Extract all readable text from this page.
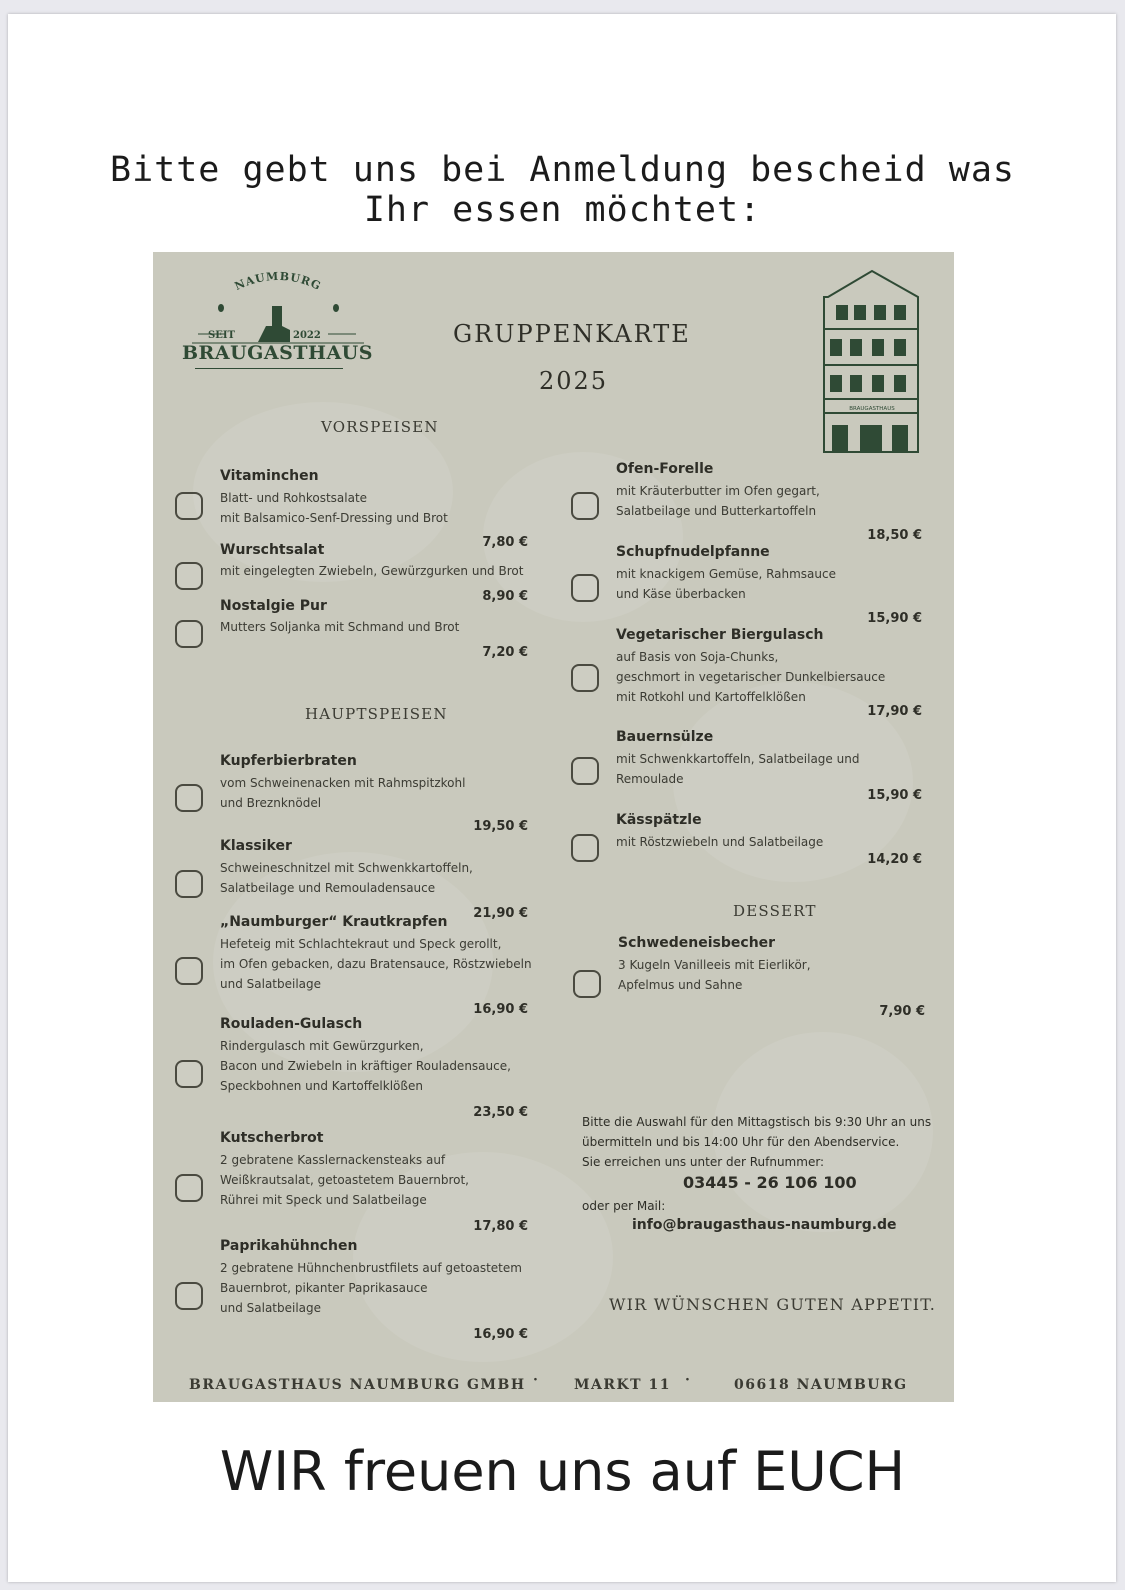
Bitte gebt uns bei Anmeldung bescheid was
Ihr essen möchtet:
NAUMBURG
SEIT	2022
BRAUGASTHAUS
GRUPPENKARTE
2025
BRAUGASTHAUS
VORSPEISEN
Vitaminchen
Blatt- und Rohkostsalate
mit Balsamico-Senf-Dressing und Brot
7,80 €
Wurschtsalat
mit eingelegten Zwiebeln, Gewürzgurken und Brot
8,90 €
Nostalgie Pur
Mutters Soljanka mit Schmand und Brot
7,20 €
HAUPTSPEISEN
Kupferbierbraten
vom Schweinenacken mit Rahmspitzkohl
und Breznknödel
19,50 €
Klassiker
Schweineschnitzel mit Schwenkkartoffeln,
Salatbeilage und Remouladensauce
21,90 €
„Naumburger“ Krautkrapfen
Hefeteig mit Schlachtekraut und Speck gerollt,
im Ofen gebacken, dazu Bratensauce, Röstzwiebeln
und Salatbeilage
16,90 €
Rouladen-Gulasch
Rindergulasch mit Gewürzgurken,
Bacon und Zwiebeln in kräftiger Rouladensauce,
Speckbohnen und Kartoffelklößen
23,50 €
Kutscherbrot
2 gebratene Kasslernackensteaks auf
Weißkrautsalat, getoastetem Bauernbrot,
Rührei mit Speck und Salatbeilage
17,80 €
Paprikahühnchen
2 gebratene Hühnchenbrustfilets auf getoastetem
Bauernbrot, pikanter Paprikasauce
und Salatbeilage
16,90 €
Ofen-Forelle
mit Kräuterbutter im Ofen gegart,
Salatbeilage und Butterkartoffeln
18,50 €
Schupfnudelpfanne
mit knackigem Gemüse, Rahmsauce
und Käse überbacken
15,90 €
Vegetarischer Biergulasch
auf Basis von Soja-Chunks,
geschmort in vegetarischer Dunkelbiersauce
mit Rotkohl und Kartoffelklößen
17,90 €
Bauernsülze
mit Schwenkkartoffeln, Salatbeilage und
Remoulade
15,90 €
Kässpätzle
mit Röstzwiebeln und Salatbeilage
14,20 €
DESSERT
Schwedeneisbecher
3 Kugeln Vanilleeis mit Eierlikör,
Apfelmus und Sahne
7,90 €
Bitte die Auswahl für den Mittagstisch bis 9:30 Uhr an uns
übermitteln und bis 14:00 Uhr für den Abendservice.
Sie erreichen uns unter der Rufnummer:
03445 - 26 106 100
oder per Mail:
info@braugasthaus-naumburg.de
WIR WÜNSCHEN GUTEN APPETIT.
BRAUGASTHAUS NAUMBURG GMBH · MARKT 11 ·	06618 NAUMBURG
WIR freuen uns auf EUCH
